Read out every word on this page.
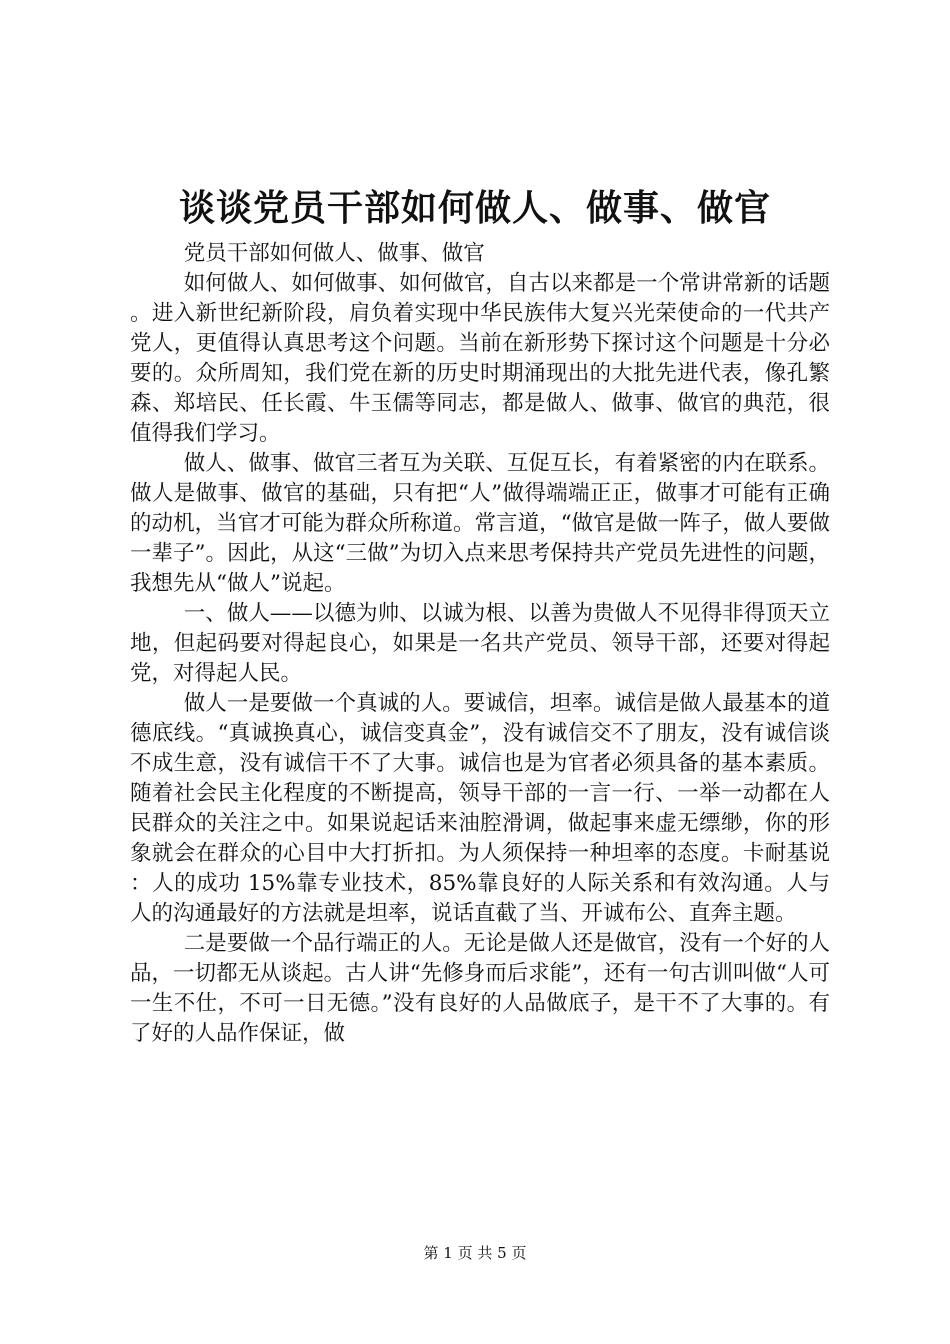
谈谈党员干部如何做人、做事、做官

党员干部如何做人、做事、做官

如何做人、如何做事、如何做官，自古以来都是一个常讲常新的话题。进入新世纪新阶段，肩负着实现中华民族伟大复兴光荣使命的一代共产党人，更值得认真思考这个问题。当前在新形势下探讨这个问题是十分必要的。众所周知，我们党在新的历史时期涌现出的大批先进代表，像孔繁森、郑培民、任长霞、牛玉儒等同志，都是做人、做事、做官的典范，很值得我们学习。

做人、做事、做官三者互为关联、互促互长，有着紧密的内在联系。做人是做事、做官的基础，只有把“人”做得端端正正，做事才可能有正确的动机，当官才可能为群众所称道。常言道，“做官是做一阵子，做人要做一辈子”。因此，从这“三做”为切入点来思考保持共产党员先进性的问题，我想先从“做人”说起。

一、做人——以德为帅、以诚为根、以善为贵做人不见得非得顶天立地，但起码要对得起良心，如果是一名共产党员、领导干部，还要对得起党，对得起人民。

做人一是要做一个真诚的人。要诚信，坦率。诚信是做人最基本的道德底线。“真诚换真心，诚信变真金”，没有诚信交不了朋友，没有诚信谈不成生意，没有诚信干不了大事。诚信也是为官者必须具备的基本素质。随着社会民主化程度的不断提高，领导干部的一言一行、一举一动都在人民群众的关注之中。如果说起话来油腔滑调，做起事来虚无缥缈，你的形象就会在群众的心目中大打折扣。为人须保持一种坦率的态度。卡耐基说：人的成功 15%靠专业技术，85%靠良好的人际关系和有效沟通。人与人的沟通最好的方法就是坦率，说话直截了当、开诚布公、直奔主题。

二是要做一个品行端正的人。无论是做人还是做官，没有一个好的人品，一切都无从谈起。古人讲“先修身而后求能”，还有一句古训叫做“人可一生不仕，不可一日无德。”没有良好的人品做底子，是干不了大事的。有了好的人品作保证，做

第 1 页 共 5 页
